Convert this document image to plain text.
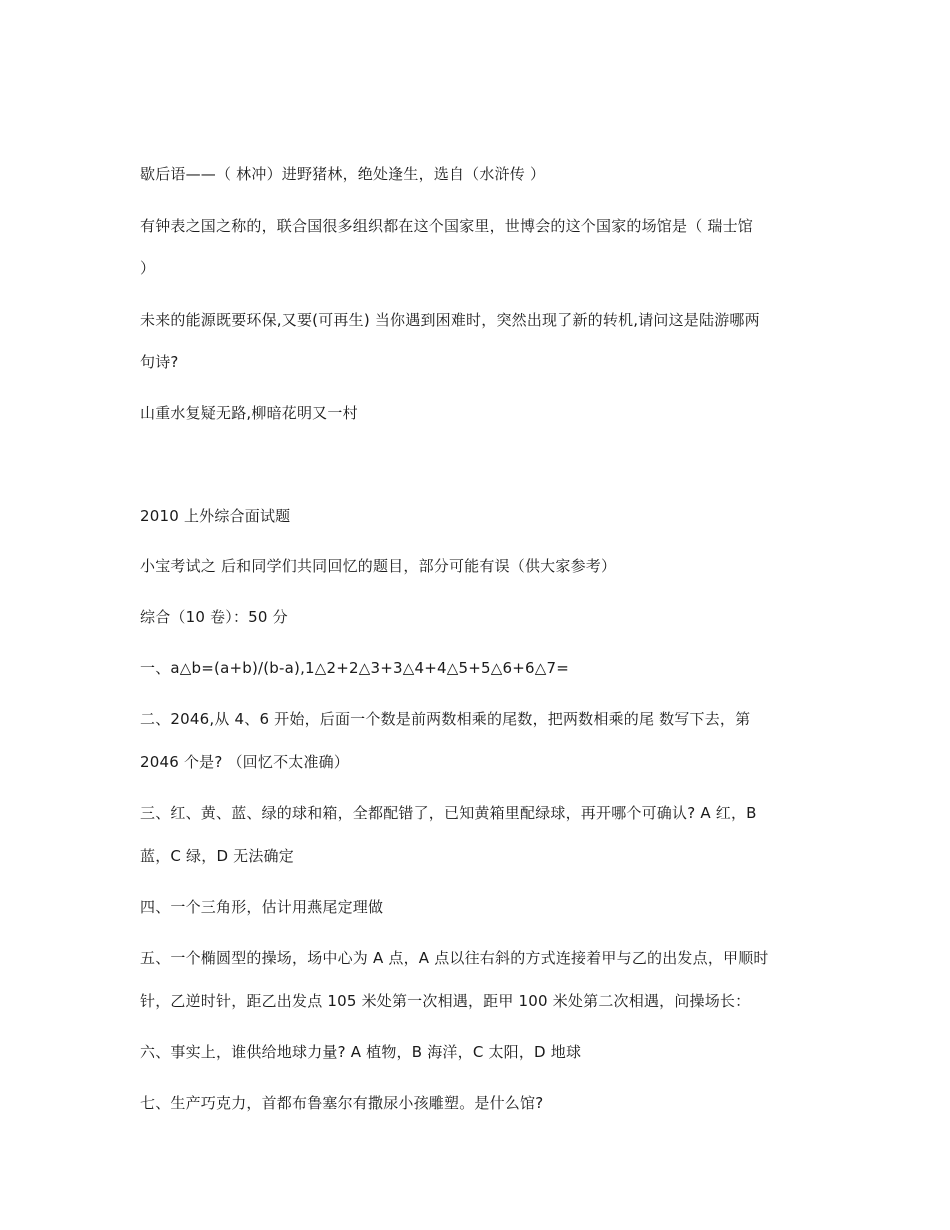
歇后语——（ 林冲）进野猪林，绝处逢生，选自（水浒传 ）
有钟表之国之称的，联合国很多组织都在这个国家里，世博会的这个国家的场馆是（ 瑞士馆
）
未来的能源既要环保,又要(可再生) 当你遇到困难时，突然出现了新的转机,请问这是陆游哪两
句诗?
山重水复疑无路,柳暗花明又一村
2010 上外综合面试题
小宝考试之 后和同学们共同回忆的题目，部分可能有误（供大家参考）
综合（10 卷）：50 分
一、a△b=(a+b)/(b-a),1△2+2△3+3△4+4△5+5△6+6△7=
二、2046,从 4、6 开始，后面一个数是前两数相乘的尾数，把两数相乘的尾 数写下去，第
2046 个是? （回忆不太准确）
三、红、黄、蓝、绿的球和箱，全都配错了，已知黄箱里配绿球，再开哪个可确认? A 红，B
蓝，C 绿，D 无法确定
四、一个三角形，估计用燕尾定理做
五、一个椭圆型的操场，场中心为 A 点，A 点以往右斜的方式连接着甲与乙的出发点，甲顺时
针，乙逆时针，距乙出发点 105 米处第一次相遇，距甲 100 米处第二次相遇，问操场长：
六、事实上，谁供给地球力量? A 植物，B 海洋，C 太阳，D 地球
七、生产巧克力，首都布鲁塞尔有撒尿小孩雕塑。是什么馆?
